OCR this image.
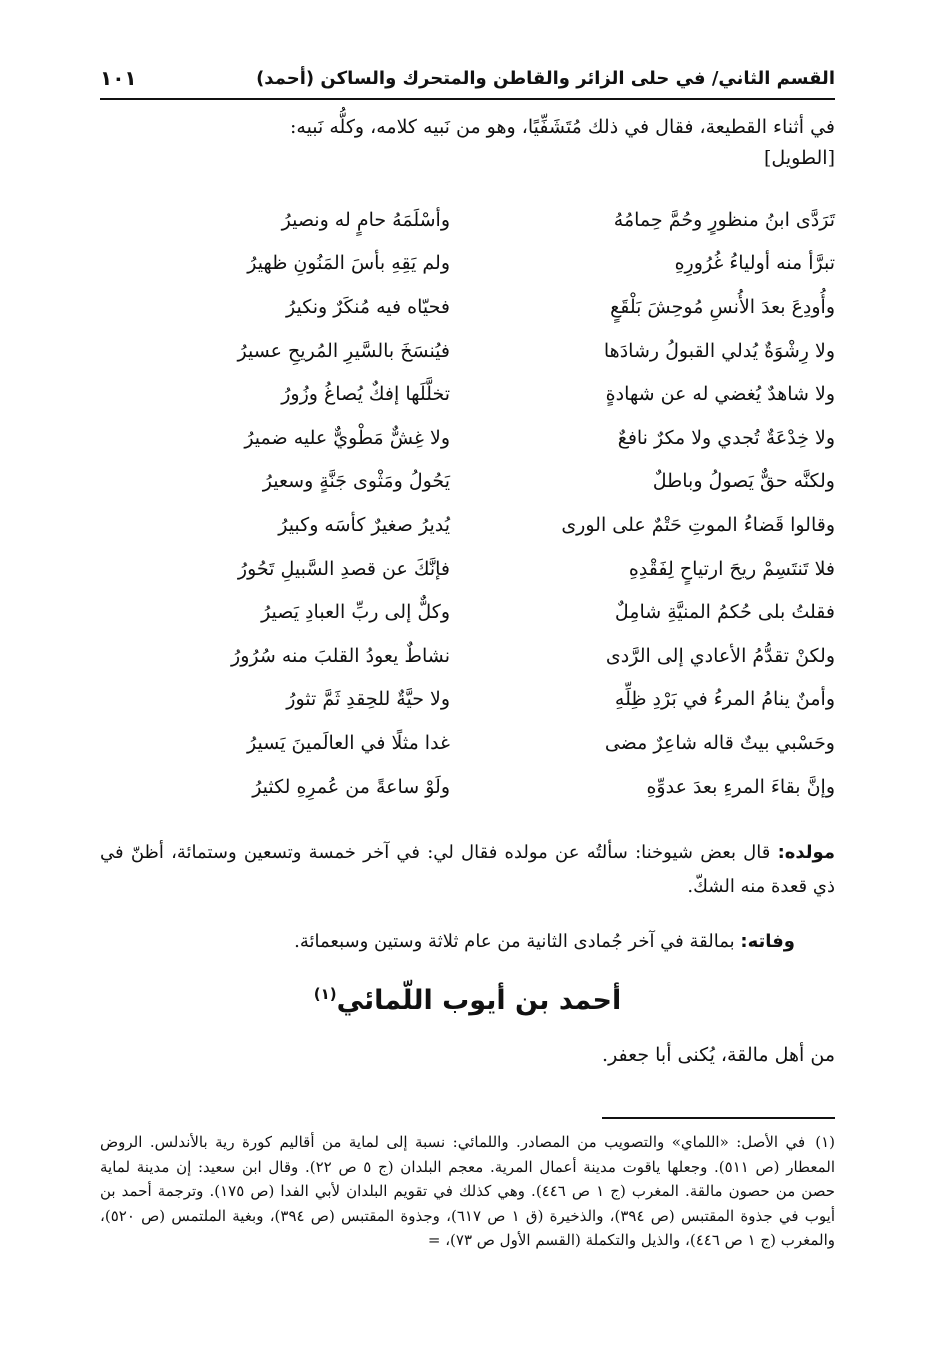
القسم الثاني/ في حلى الزائر والقاطن والمتحرك والساكن (أحمد)
١٠١
في أثناء القطيعة، فقال في ذلك مُتَشَفِّيًا، وهو من نَبيه كلامه، وكلُّه نَبيه:
[الطويل]
تَرَدَّى ابنُ منظورٍ وحُمَّ حِمامُهُ
وأسْلَمَهُ حامٍ له ونصيرُ
تبرَّأ منه أولياءُ غُرُورِهِ
ولم يَقِهِ بأسَ المَنُونِ ظهيرُ
وأُودِعَ بعدَ الأُنسِ مُوحِشَ بَلْقَعٍ
فحيّاه فيه مُنكَرٌ ونكيرُ
ولا رِشْوَةٌ يُدلي القبولُ رشادَها
فيُنسَخَ بالسَّيرِ المُريحِ عسيرُ
ولا شاهدٌ يُغضي له عن شهادةٍ
تخلَّلَها إفكٌ يُصاغُ وزُورُ
ولا خِدْعَةٌ تُجدي ولا مكرٌ نافعٌ
ولا غِشٌّ مَطْويٌّ عليه ضميرُ
ولكنَّه حقٌّ يَصولُ وباطلٌ
يَحُولُ ومَثْوى جَنَّةٍ وسعيرُ
وقالوا قَضاءُ الموتِ حَتْمٌ على الورى
يُديرُ صغيرٌ كأسَه وكبيرُ
فلا تَنتَسِمْ ريحَ ارتياحٍ لِفَقْدِهِ
فإنَّكَ عن قصدِ السَّبيلِ تَحُورُ
فقلتُ بلى حُكمُ المنيَّةِ شامِلٌ
وكلٌّ إلى ربِّ العبادِ يَصيرُ
ولكنْ تقدُّمُ الأعادي إلى الرَّدى
نشاطٌ يعودُ القلبَ منه سُرُورُ
وأمنٌ ينامُ المرءُ في بَرْدِ ظِلِّهِ
ولا حيَّةٌ للحِقدِ ثَمَّ تثورُ
وحَسْبي بيتٌ قاله شاعِرٌ مضى
غدا مثلًا في العالَمينَ يَسيرُ
وإنَّ بقاءَ المرءِ بعدَ عدوِّهِ
ولَوْ ساعةً من عُمرِهِ لكثيرُ
مولده: قال بعض شيوخنا: سألتُه عن مولده فقال لي: في آخر خمسة وتسعين وستمائة، أظنّ في ذي قعدة منه الشكّ.
وفاته: بمالقة في آخر جُمادى الثانية من عام ثلاثة وستين وسبعمائة.
أحمد بن أيوب اللّمائي$^{(١)}$
من أهل مالقة، يُكنى أبا جعفر.
(١)في الأصل: «اللماي» والتصويب من المصادر. واللمائي: نسبة إلى لماية من أقاليم كورة رية بالأندلس. الروض المعطار (ص ٥١١). وجعلها ياقوت مدينة أعمال المرية. معجم البلدان (ج ٥ ص ٢٢). وقال ابن سعيد: إن مدينة لماية حصن من حصون مالقة. المغرب (ج ١ ص ٤٤٦). وهي كذلك في تقويم البلدان لأبي الفدا (ص ١٧٥). وترجمة أحمد بن أيوب في جذوة المقتبس (ص ٣٩٤)، والذخيرة (ق ١ ص ٦١٧)، وجذوة المقتبس (ص ٣٩٤)، وبغية الملتمس (ص ٥٢٠)، والمغرب (ج ١ ص ٤٤٦)، والذيل والتكملة (القسم الأول ص ٧٣)، =
